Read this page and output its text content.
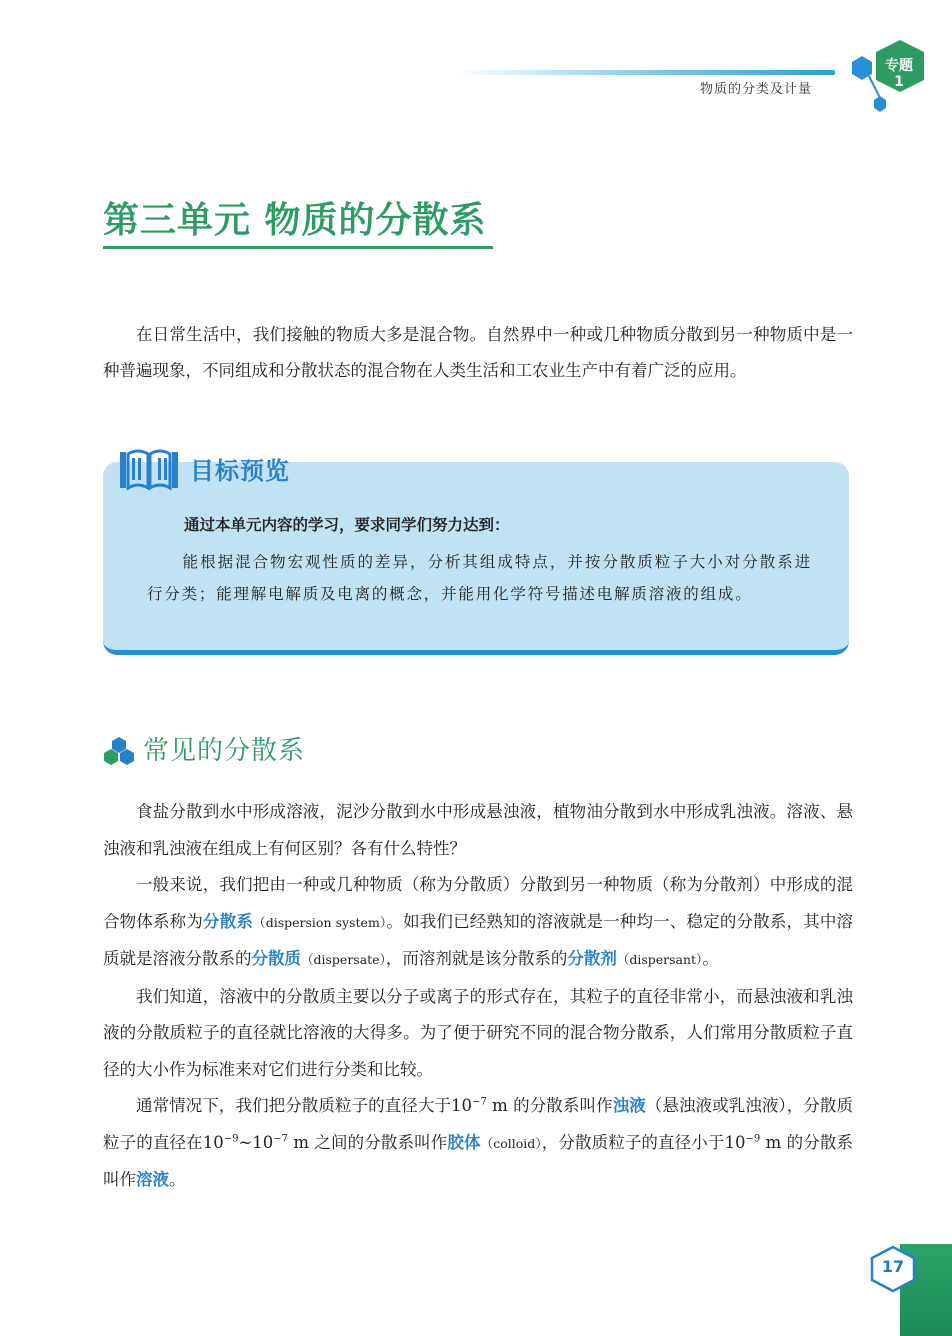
物质的分类及计量
专题
1
第三单元 物质的分散系

在日常生活中，我们接触的物质大多是混合物。自然界中一种或几种物质分散到另一种物质中是一种普遍现象，不同组成和分散状态的混合物在人类生活和工农业生产中有着广泛的应用。

目标预览
通过本单元内容的学习，要求同学们努力达到：

能根据混合物宏观性质的差异，分析其组成特点，并按分散质粒子大小对分散系进行分类；能理解电解质及电离的概念，并能用化学符号描述电解质溶液的组成。

常见的分散系

食盐分散到水中形成溶液，泥沙分散到水中形成悬浊液，植物油分散到水中形成乳浊液。溶液、悬浊液和乳浊液在组成上有何区别？各有什么特性？

一般来说，我们把由一种或几种物质（称为分散质）分散到另一种物质（称为分散剂）中形成的混合物体系称为分散系（dispersion system）。如我们已经熟知的溶液就是一种均一、稳定的分散系，其中溶质就是溶液分散系的分散质（dispersate），而溶剂就是该分散系的分散剂（dispersant）。

我们知道，溶液中的分散质主要以分子或离子的形式存在，其粒子的直径非常小，而悬浊液和乳浊液的分散质粒子的直径就比溶液的大得多。为了便于研究不同的混合物分散系，人们常用分散质粒子直径的大小作为标准来对它们进行分类和比较。

通常情况下，我们把分散质粒子的直径大于$10^{-7}$ m 的分散系叫作浊液（悬浊液或乳浊液），分散质粒子的直径在$10^{-9}\sim 10^{-7}$ m 之间的分散系叫作胶体（colloid），分散质粒子的直径小于$10^{-9}$ m 的分散系叫作溶液。

17
